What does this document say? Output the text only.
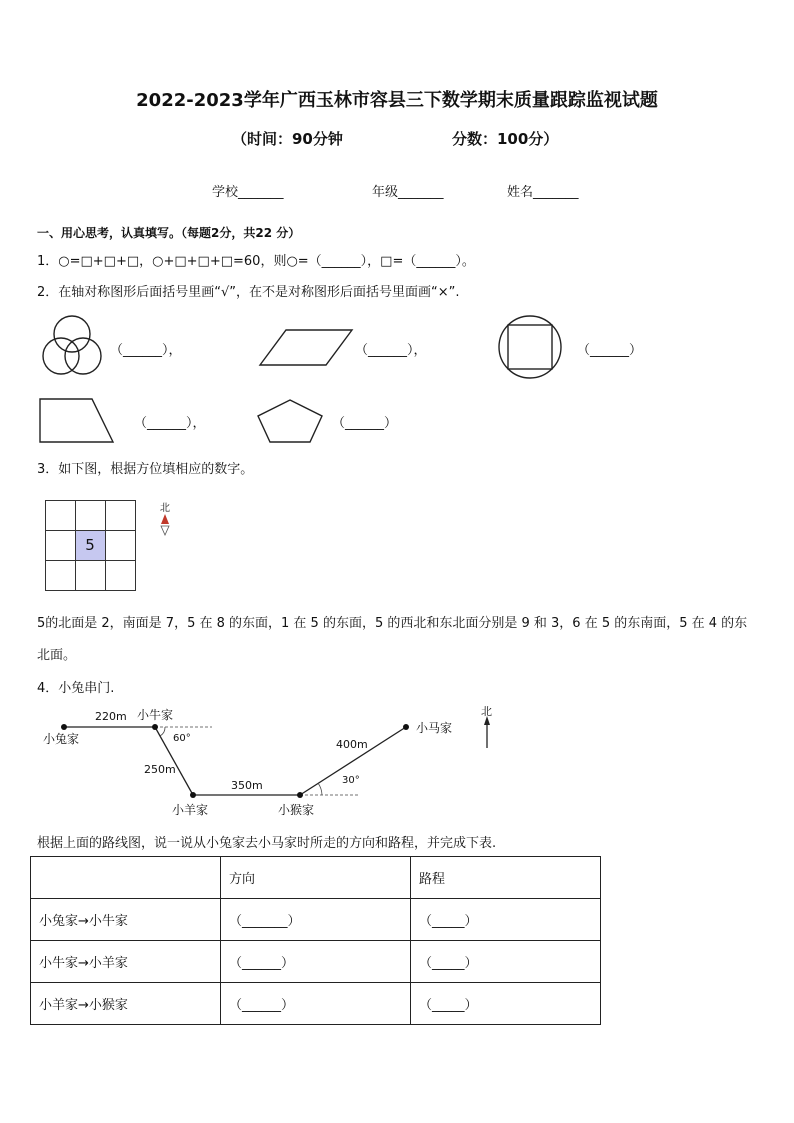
2022-2023学年广西玉林市容县三下数学期末质量跟踪监视试题
（时间：90分钟	分数：100分）
学校_______	年级_______	姓名_______
一、用心思考，认真填写。（每题2分，共22 分）
1．○=□+□+□，○+□+□+□=60，则○=（______），□=（______）。
2．在轴对称图形后面括号里画“√”，在不是对称图形后面括号里面画“×”.
（______），	（______），	（______）
（______），	（______）
3．如下图，根据方位填相应的数字。
5
北
5的北面是 2，南面是 7，5 在 8 的东面，1 在 5 的东面，5 的西北和东北面分别是 9 和 3，6 在 5 的东南面，5 在 4 的东
北面。
4．小兔串门.
小兔家
小牛家
小羊家	小猴家
小马家
220m
250m
350m
400m
60°
30°
北
根据上面的路线图，说一说从小兔家去小马家时所走的方向和路程，并完成下表.
	方向	路程
小兔家→小牛家	（_______）	（_____）
小牛家→小羊家	（______）	（_____）
小羊家→小猴家	（______）	（_____）
